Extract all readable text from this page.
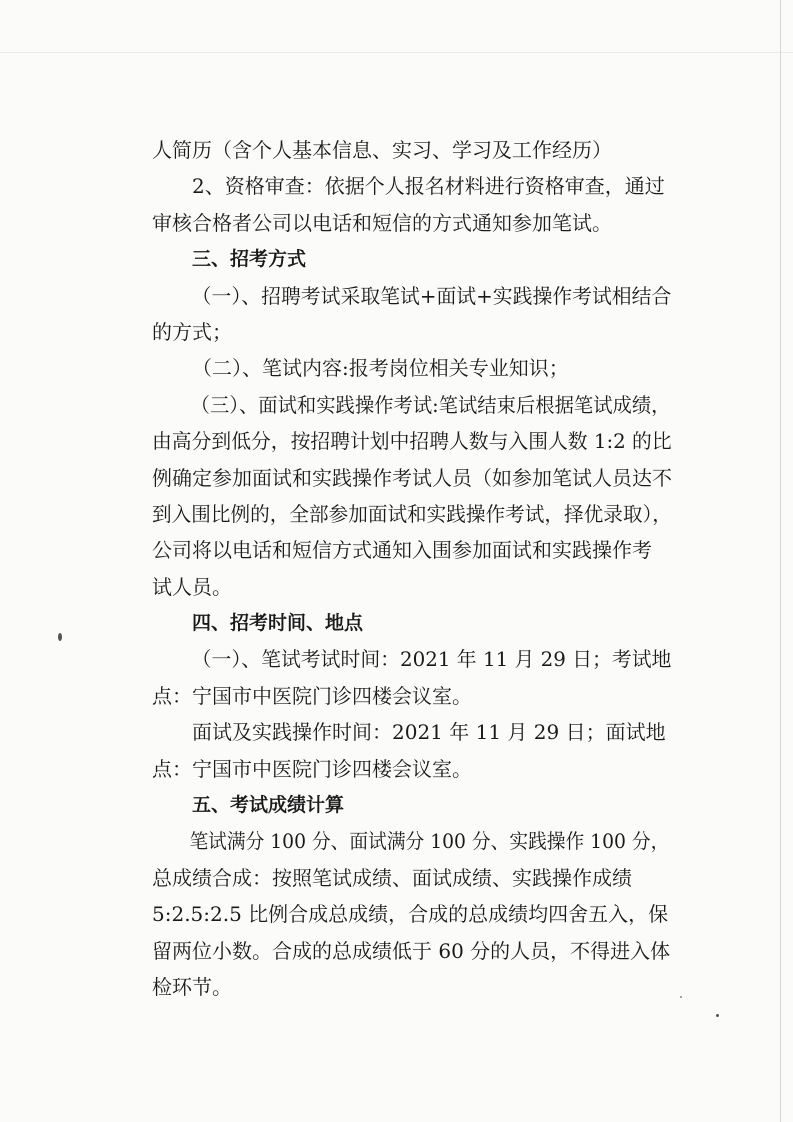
人简历（含个人基本信息、实习、学习及工作经历）
2、资格审查：依据个人报名材料进行资格审查，通过
审核合格者公司以电话和短信的方式通知参加笔试。
三、招考方式
（一）、招聘考试采取笔试+面试+实践操作考试相结合
的方式；
（二）、笔试内容:报考岗位相关专业知识；
（三）、面试和实践操作考试:笔试结束后根据笔试成绩，
由高分到低分，按招聘计划中招聘人数与入围人数 1:2 的比
例确定参加面试和实践操作考试人员（如参加笔试人员达不
到入围比例的，全部参加面试和实践操作考试，择优录取），
公司将以电话和短信方式通知入围参加面试和实践操作考
试人员。
四、招考时间、地点
（一）、笔试考试时间：2021 年 11 月 29 日；考试地
点：宁国市中医院门诊四楼会议室。
面试及实践操作时间：2021 年 11 月 29 日；面试地
点：宁国市中医院门诊四楼会议室。
五、考试成绩计算
笔试满分 100 分、面试满分 100 分、实践操作 100 分，
总成绩合成：按照笔试成绩、面试成绩、实践操作成绩
5:2.5:2.5 比例合成总成绩，合成的总成绩均四舍五入，保
留两位小数。合成的总成绩低于 60 分的人员，不得进入体
检环节。
